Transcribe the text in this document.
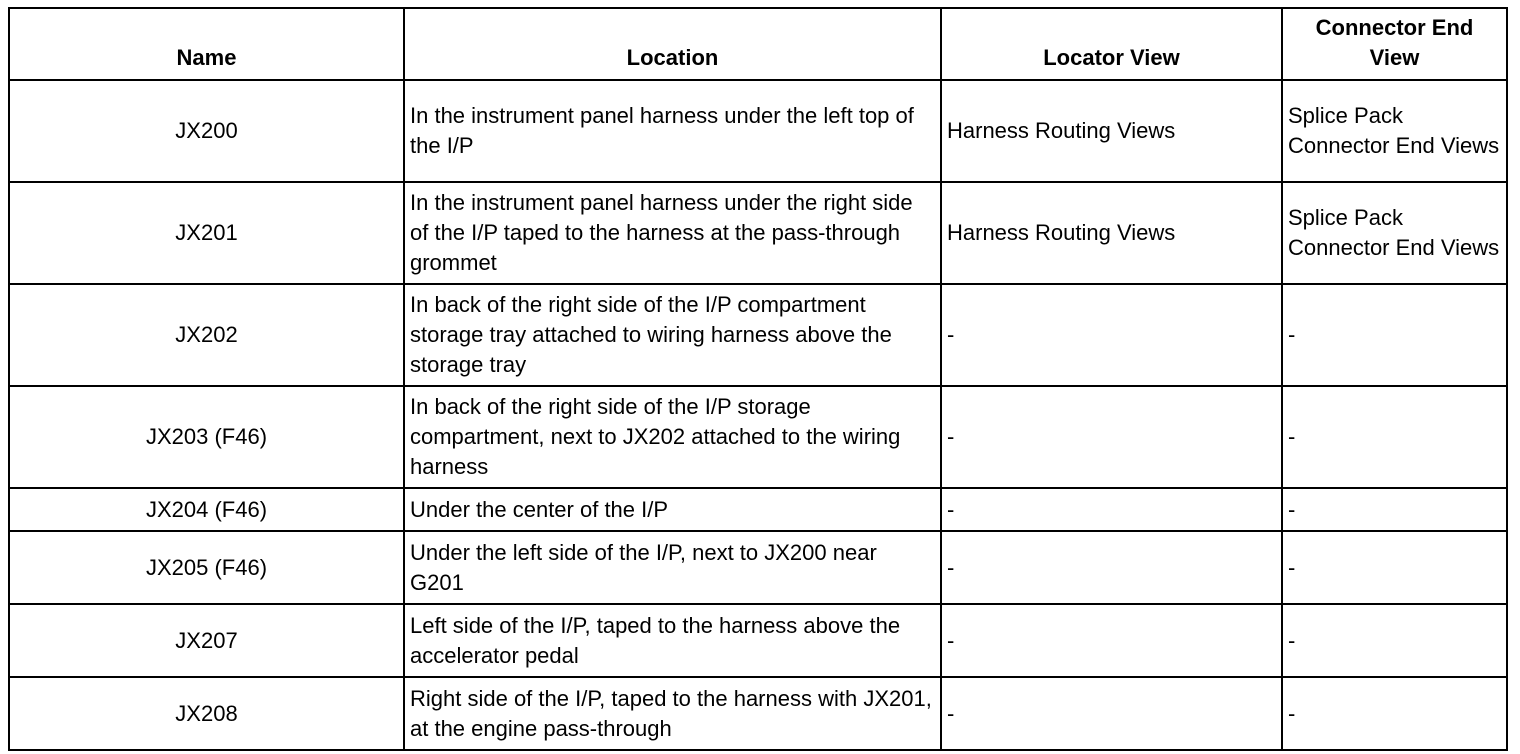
Name	Location	Locator View	Connector End View
JX200	In the instrument panel harness under the left top of the I/P	Harness Routing Views	Splice Pack Connector End Views
JX201	In the instrument panel harness under the right side of the I/P taped to the harness at the pass-through grommet	Harness Routing Views	Splice Pack Connector End Views
JX202	In back of the right side of the I/P compartment storage tray attached to wiring harness above the storage tray	-	-
JX203 (F46)	In back of the right side of the I/P storage compartment, next to JX202 attached to the wiring harness	-	-
JX204 (F46)	Under the center of the I/P	-	-
JX205 (F46)	Under the left side of the I/P, next to JX200 near G201	-	-
JX207	Left side of the I/P, taped to the harness above the accelerator pedal	-	-
JX208	Right side of the I/P, taped to the harness with JX201, at the engine pass-through	-	-
